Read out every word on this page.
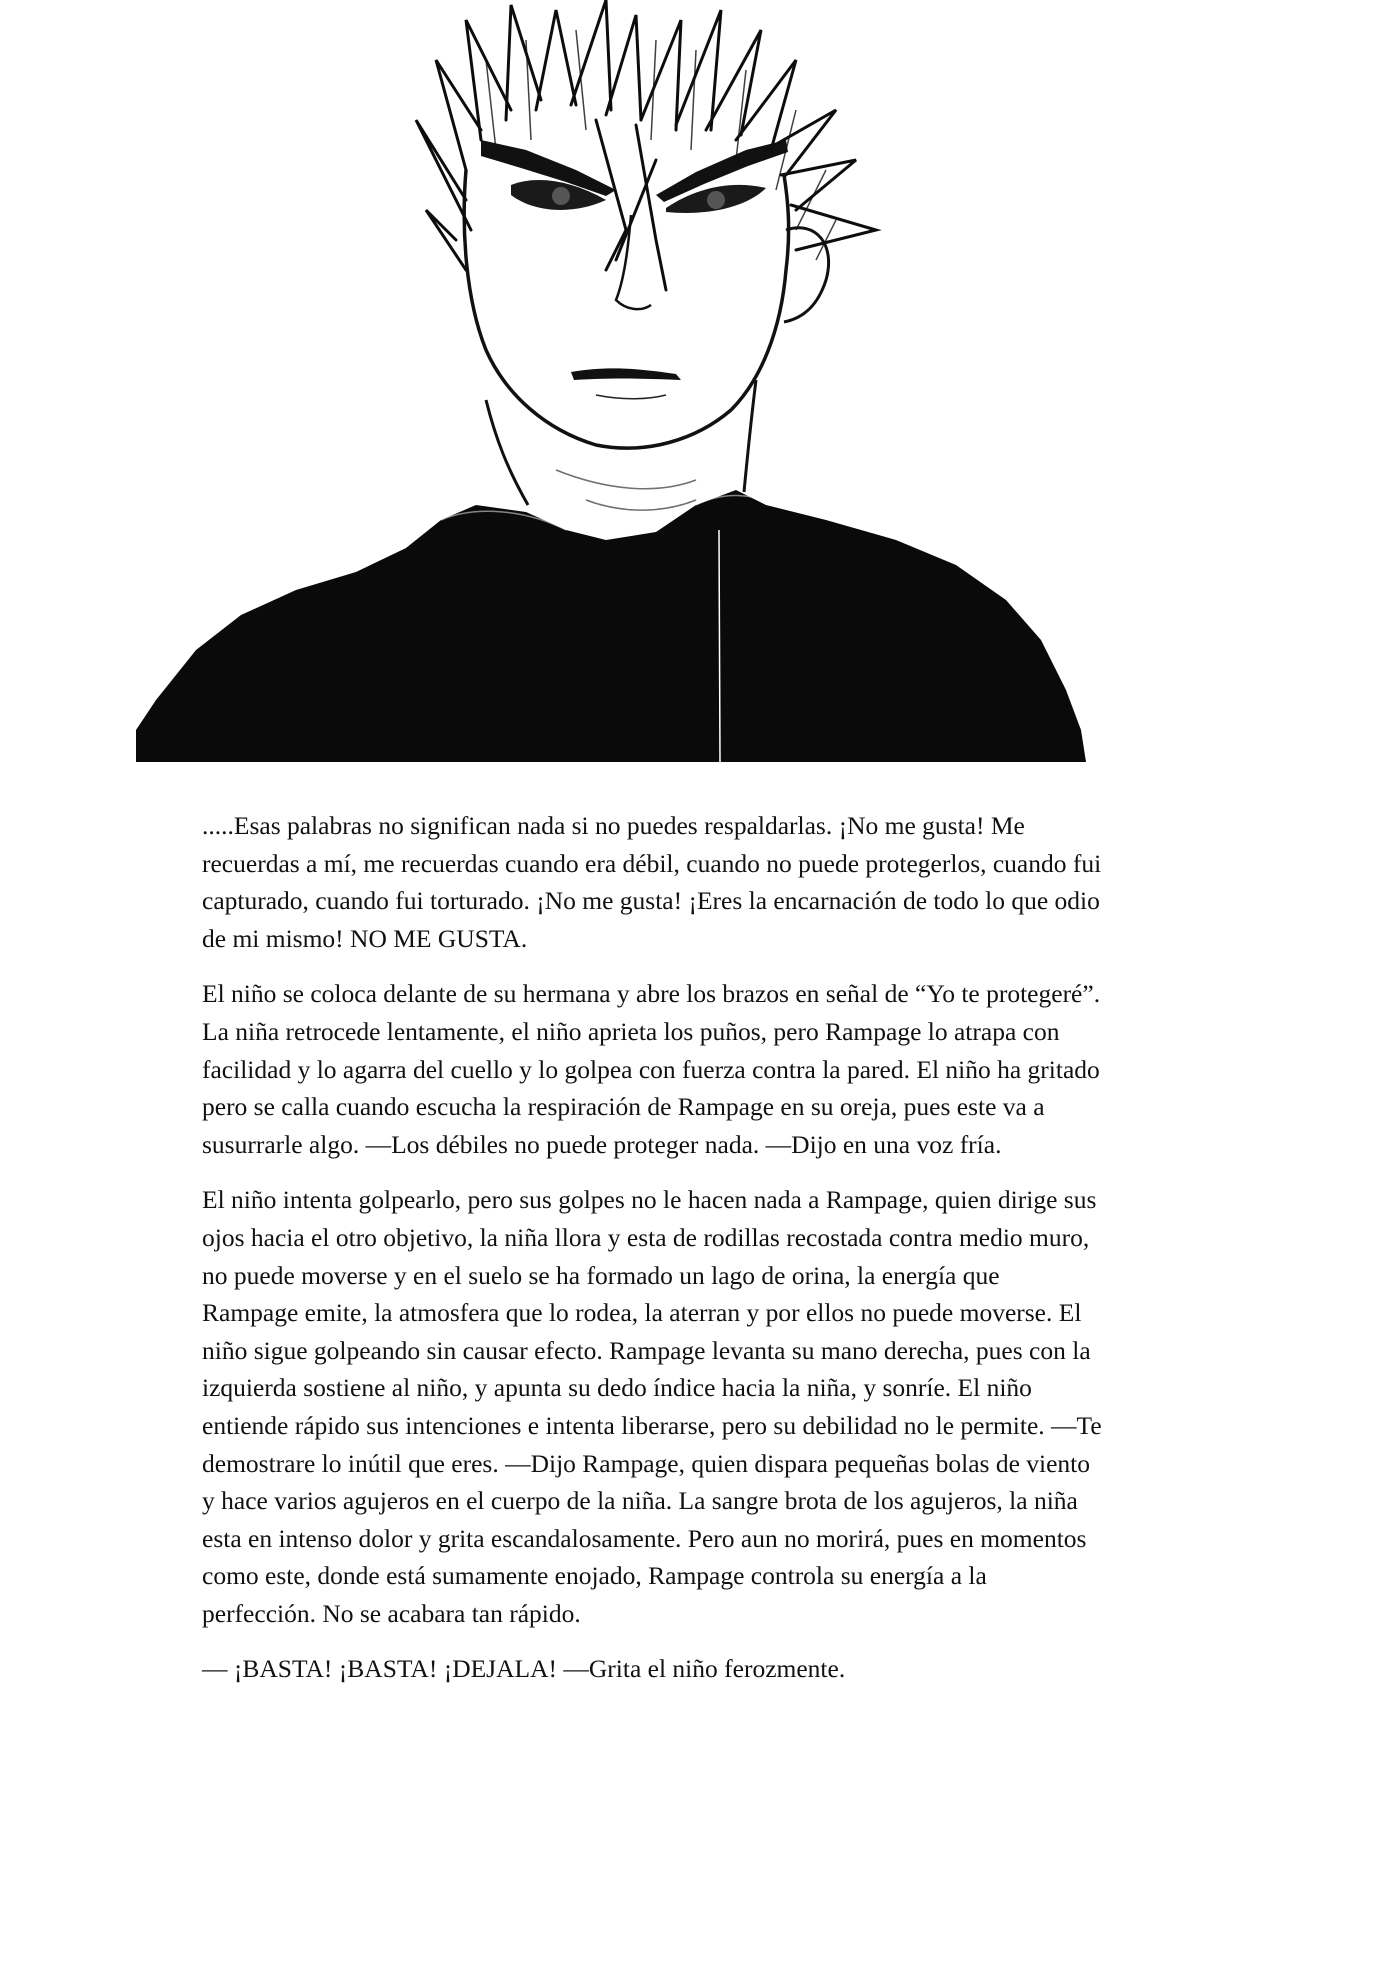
.....Esas palabras no significan nada si no puedes respaldarlas. ¡No me gusta! Me
recuerdas a mí, me recuerdas cuando era débil, cuando no puede protegerlos, cuando fui
capturado, cuando fui torturado. ¡No me gusta! ¡Eres la encarnación de todo lo que odio
de mi mismo! NO ME GUSTA.

El niño se coloca delante de su hermana y abre los brazos en señal de “Yo te protegeré”.
La niña retrocede lentamente, el niño aprieta los puños, pero Rampage lo atrapa con
facilidad y lo agarra del cuello y lo golpea con fuerza contra la pared. El niño ha gritado
pero se calla cuando escucha la respiración de Rampage en su oreja, pues este va a
susurrarle algo. —Los débiles no puede proteger nada. —Dijo en una voz fría.

El niño intenta golpearlo, pero sus golpes no le hacen nada a Rampage, quien dirige sus
ojos hacia el otro objetivo, la niña llora y esta de rodillas recostada contra medio muro,
no puede moverse y en el suelo se ha formado un lago de orina, la energía que
Rampage emite, la atmosfera que lo rodea, la aterran y por ellos no puede moverse. El
niño sigue golpeando sin causar efecto. Rampage levanta su mano derecha, pues con la
izquierda sostiene al niño, y apunta su dedo índice hacia la niña, y sonríe. El niño
entiende rápido sus intenciones e intenta liberarse, pero su debilidad no le permite. —Te
demostrare lo inútil que eres. —Dijo Rampage, quien dispara pequeñas bolas de viento
y hace varios agujeros en el cuerpo de la niña. La sangre brota de los agujeros, la niña
esta en intenso dolor y grita escandalosamente. Pero aun no morirá, pues en momentos
como este, donde está sumamente enojado, Rampage controla su energía a la
perfección. No se acabara tan rápido.

— ¡BASTA! ¡BASTA! ¡DEJALA! —Grita el niño ferozmente.
